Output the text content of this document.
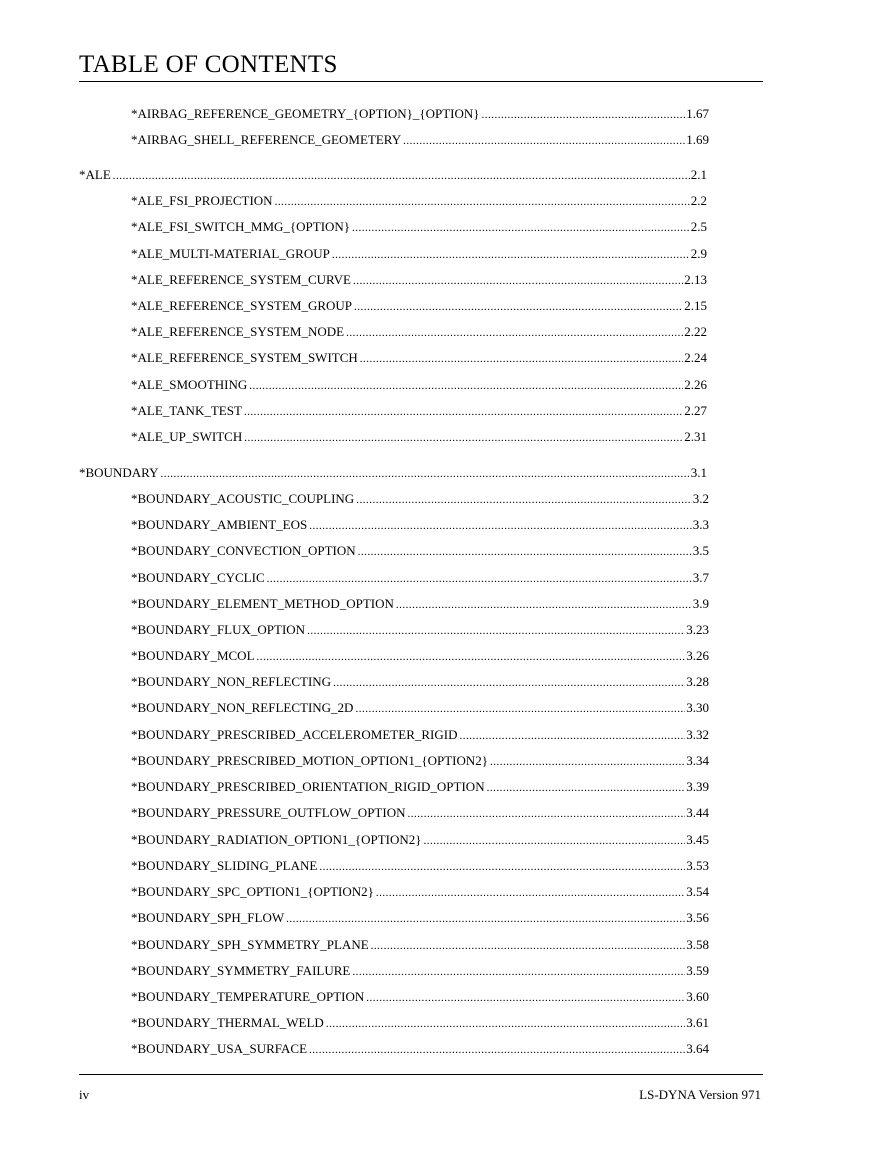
TABLE OF CONTENTS
*AIRBAG_REFERENCE_GEOMETRY_{OPTION}_{OPTION} .....	1.67
*AIRBAG_SHELL_REFERENCE_GEOMETERY .....	1.69
*ALE .....	2.1
*ALE_FSI_PROJECTION .....	2.2
*ALE_FSI_SWITCH_MMG_{OPTION} .....	2.5
*ALE_MULTI-MATERIAL_GROUP .....	2.9
*ALE_REFERENCE_SYSTEM_CURVE .....	2.13
*ALE_REFERENCE_SYSTEM_GROUP .....	2.15
*ALE_REFERENCE_SYSTEM_NODE .....	2.22
*ALE_REFERENCE_SYSTEM_SWITCH .....	2.24
*ALE_SMOOTHING .....	2.26
*ALE_TANK_TEST .....	2.27
*ALE_UP_SWITCH .....	2.31
*BOUNDARY .....	3.1
*BOUNDARY_ACOUSTIC_COUPLING .....	3.2
*BOUNDARY_AMBIENT_EOS .....	3.3
*BOUNDARY_CONVECTION_OPTION .....	3.5
*BOUNDARY_CYCLIC .....	3.7
*BOUNDARY_ELEMENT_METHOD_OPTION .....	3.9
*BOUNDARY_FLUX_OPTION .....	3.23
*BOUNDARY_MCOL .....	3.26
*BOUNDARY_NON_REFLECTING .....	3.28
*BOUNDARY_NON_REFLECTING_2D .....	3.30
*BOUNDARY_PRESCRIBED_ACCELEROMETER_RIGID .....	3.32
*BOUNDARY_PRESCRIBED_MOTION_OPTION1_{OPTION2} .....	3.34
*BOUNDARY_PRESCRIBED_ORIENTATION_RIGID_OPTION .....	3.39
*BOUNDARY_PRESSURE_OUTFLOW_OPTION .....	3.44
*BOUNDARY_RADIATION_OPTION1_{OPTION2} .....	3.45
*BOUNDARY_SLIDING_PLANE .....	3.53
*BOUNDARY_SPC_OPTION1_{OPTION2} .....	3.54
*BOUNDARY_SPH_FLOW .....	3.56
*BOUNDARY_SPH_SYMMETRY_PLANE .....	3.58
*BOUNDARY_SYMMETRY_FAILURE .....	3.59
*BOUNDARY_TEMPERATURE_OPTION .....	3.60
*BOUNDARY_THERMAL_WELD .....	3.61
*BOUNDARY_USA_SURFACE .....	3.64
iv	LS-DYNA Version 971
